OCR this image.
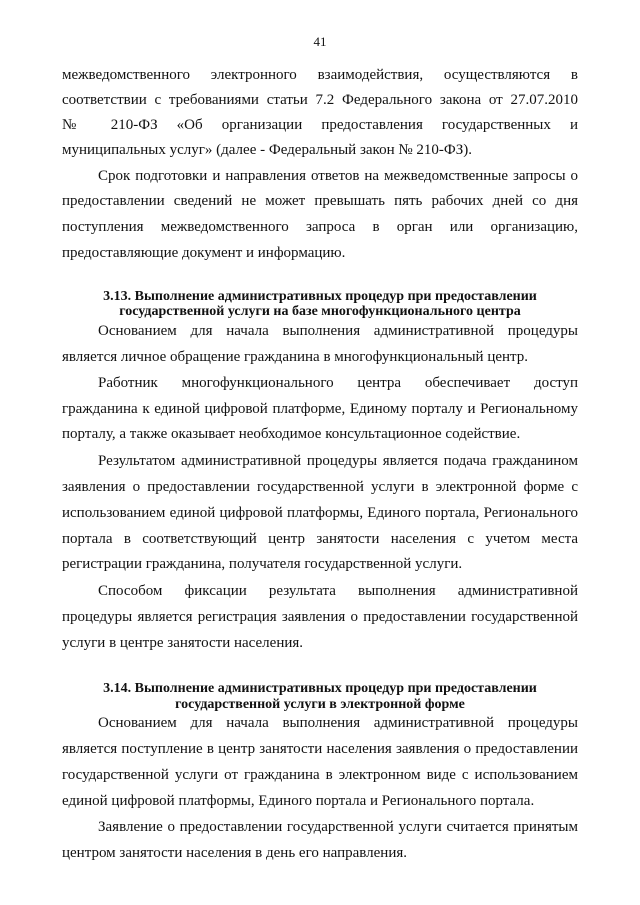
41
межведомственного электронного взаимодействия, осуществляются в
соответствии с требованиями статьи 7.2 Федерального закона от 27.07.2010
№ 210-ФЗ «Об организации предоставления государственных и
муниципальных услуг» (далее - Федеральный закон № 210-ФЗ).
Срок подготовки и направления ответов на межведомственные запросы о
предоставлении сведений не может превышать пять рабочих дней со дня
поступления межведомственного запроса в орган или организацию,
предоставляющие документ и информацию.
3.13. Выполнение административных процедур при предоставлении
государственной услуги на базе многофункционального центра
Основанием для начала выполнения административной процедуры
является личное обращение гражданина в многофункциональный центр.
Работник многофункционального центра обеспечивает доступ
гражданина к единой цифровой платформе, Единому порталу и Региональному
порталу, а также оказывает необходимое консультационное содействие.
Результатом административной процедуры является подача гражданином
заявления о предоставлении государственной услуги в электронной форме с
использованием единой цифровой платформы, Единого портала, Регионального
портала в соответствующий центр занятости населения с учетом места
регистрации гражданина, получателя государственной услуги.
Способом фиксации результата выполнения административной
процедуры является регистрация заявления о предоставлении государственной
услуги в центре занятости населения.
3.14. Выполнение административных процедур при предоставлении
государственной услуги в электронной форме
Основанием для начала выполнения административной процедуры
является поступление в центр занятости населения заявления о предоставлении
государственной услуги от гражданина в электронном виде с использованием
единой цифровой платформы, Единого портала и Регионального портала.
Заявление о предоставлении государственной услуги считается принятым
центром занятости населения в день его направления.
